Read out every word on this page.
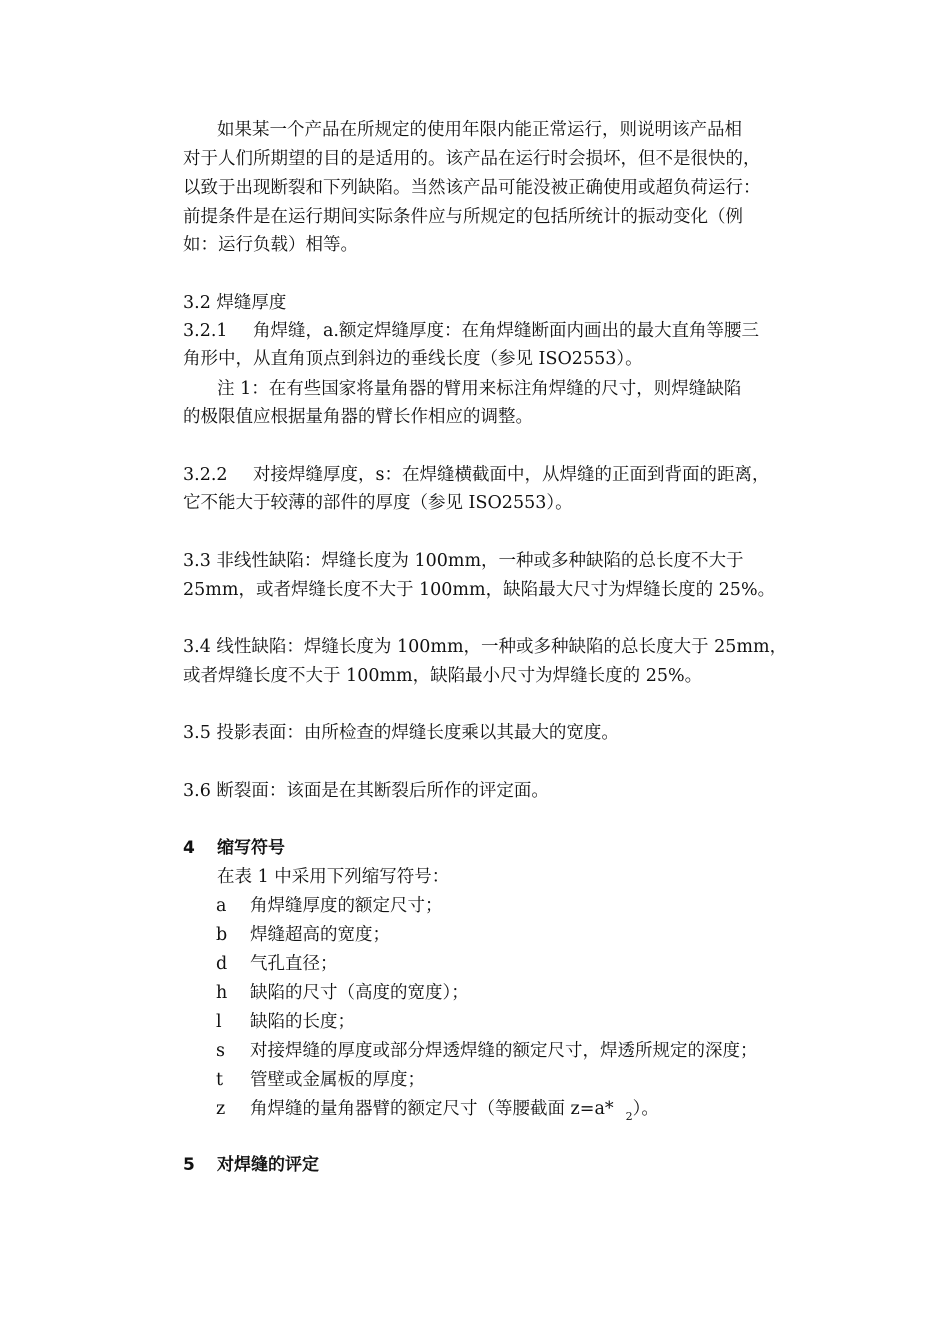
如果某一个产品在所规定的使用年限内能正常运行，则说明该产品相
对于人们所期望的目的是适用的。该产品在运行时会损坏，但不是很快的，
以致于出现断裂和下列缺陷。当然该产品可能没被正确使用或超负荷运行：
前提条件是在运行期间实际条件应与所规定的包括所统计的振动变化（例
如：运行负载）相等。
3.2 焊缝厚度
3.2.1 角焊缝，a.额定焊缝厚度：在角焊缝断面内画出的最大直角等腰三
角形中，从直角顶点到斜边的垂线长度（参见 ISO2553）。
注 1：在有些国家将量角器的臂用来标注角焊缝的尺寸，则焊缝缺陷
的极限值应根据量角器的臂长作相应的调整。
3.2.2 对接焊缝厚度，s：在焊缝横截面中，从焊缝的正面到背面的距离，
它不能大于较薄的部件的厚度（参见 ISO2553）。
3.3 非线性缺陷：焊缝长度为 100mm，一种或多种缺陷的总长度不大于
25mm，或者焊缝长度不大于 100mm，缺陷最大尺寸为焊缝长度的 25%。
3.4 线性缺陷：焊缝长度为 100mm，一种或多种缺陷的总长度大于 25mm，
或者焊缝长度不大于 100mm，缺陷最小尺寸为焊缝长度的 25%。
3.5 投影表面：由所检查的焊缝长度乘以其最大的宽度。
3.6 断裂面：该面是在其断裂后所作的评定面。
4 缩写符号
在表 1 中采用下列缩写符号：
a 角焊缝厚度的额定尺寸；
b 焊缝超高的宽度；
d 气孔直径；
h 缺陷的尺寸（高度的宽度）；
l 缺陷的长度；
s 对接焊缝的厚度或部分焊透焊缝的额定尺寸，焊透所规定的深度；
t 管壁或金属板的厚度；
z 角焊缝的量角器臂的额定尺寸（等腰截面 z=a* $_2$）。
5 对焊缝的评定
